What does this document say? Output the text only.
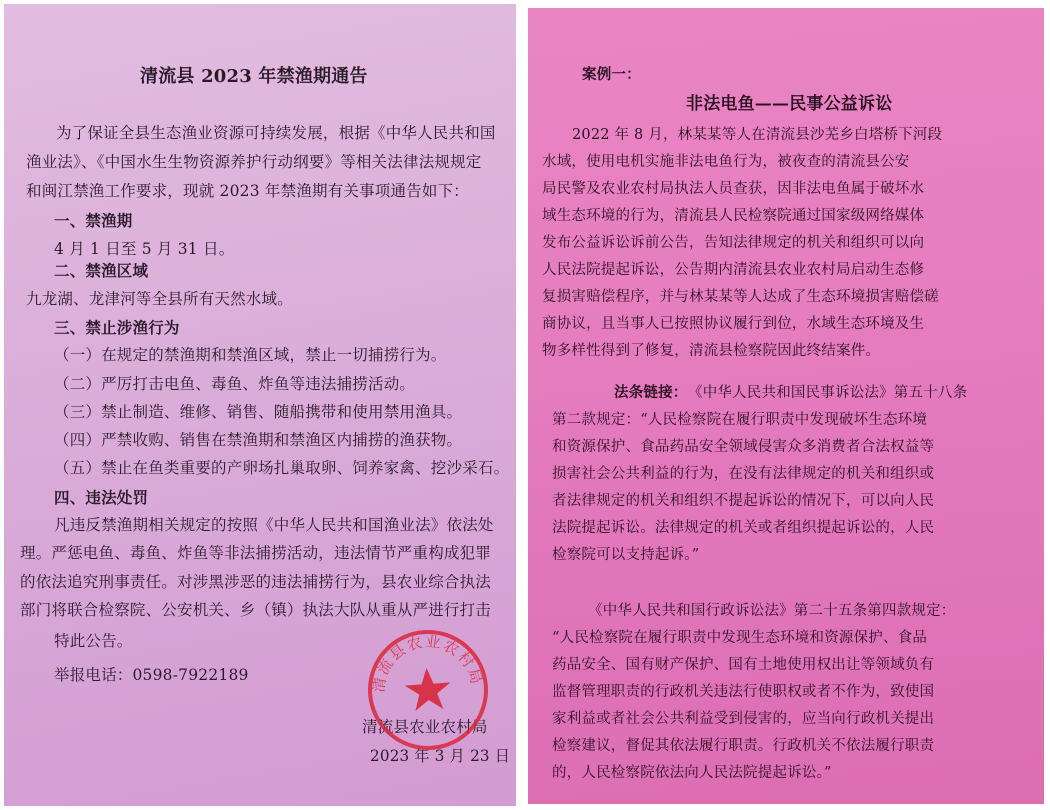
清流县 2023 年禁渔期通告
为了保证全县生态渔业资源可持续发展，根据《中华人民共和国
渔业法》、《中国水生生物资源养护行动纲要》等相关法律法规规定
和闽江禁渔工作要求，现就 2023 年禁渔期有关事项通告如下：
一、禁渔期
4 月 1 日至 5 月 31 日。
二、禁渔区域
九龙湖、龙津河等全县所有天然水域。
三、禁止涉渔行为
（一）在规定的禁渔期和禁渔区域，禁止一切捕捞行为。
（二）严厉打击电鱼、毒鱼、炸鱼等违法捕捞活动。
（三）禁止制造、维修、销售、随船携带和使用禁用渔具。
（四）严禁收购、销售在禁渔期和禁渔区内捕捞的渔获物。
（五）禁止在鱼类重要的产卵场扎巢取卵、饲养家禽、挖沙采石。
四、违法处罚
凡违反禁渔期相关规定的按照《中华人民共和国渔业法》依法处
理。严惩电鱼、毒鱼、炸鱼等非法捕捞活动，违法情节严重构成犯罪
的依法追究刑事责任。对涉黑涉恶的违法捕捞行为，县农业综合执法
部门将联合检察院、公安机关、乡（镇）执法大队从重从严进行打击
特此公告。
举报电话：0598-7922189
清流县农业农村局
2023 年 3 月 23 日
清流县农业农村局
案例一：
非法电鱼——民事公益诉讼
2022 年 8 月，林某某等人在清流县沙芜乡白塔桥下河段
水域，使用电机实施非法电鱼行为，被夜查的清流县公安
局民警及农业农村局执法人员查获，因非法电鱼属于破坏水
域生态环境的行为，清流县人民检察院通过国家级网络媒体
发布公益诉讼诉前公告，告知法律规定的机关和组织可以向
人民法院提起诉讼，公告期内清流县农业农村局启动生态修
复损害赔偿程序，并与林某某等人达成了生态环境损害赔偿磋
商协议，且当事人已按照协议履行到位，水域生态环境及生
物多样性得到了修复，清流县检察院因此终结案件。
法条链接： 《中华人民共和国民事诉讼法》第五十八条
第二款规定：“人民检察院在履行职责中发现破坏生态环境
和资源保护、食品药品安全领域侵害众多消费者合法权益等
损害社会公共利益的行为，在没有法律规定的机关和组织或
者法律规定的机关和组织不提起诉讼的情况下，可以向人民
法院提起诉讼。法律规定的机关或者组织提起诉讼的，人民
检察院可以支持起诉。”
《中华人民共和国行政诉讼法》第二十五条第四款规定：
“人民检察院在履行职责中发现生态环境和资源保护、食品
药品安全、国有财产保护、国有土地使用权出让等领域负有
监督管理职责的行政机关违法行使职权或者不作为，致使国
家利益或者社会公共利益受到侵害的，应当向行政机关提出
检察建议，督促其依法履行职责。行政机关不依法履行职责
的，人民检察院依法向人民法院提起诉讼。”
